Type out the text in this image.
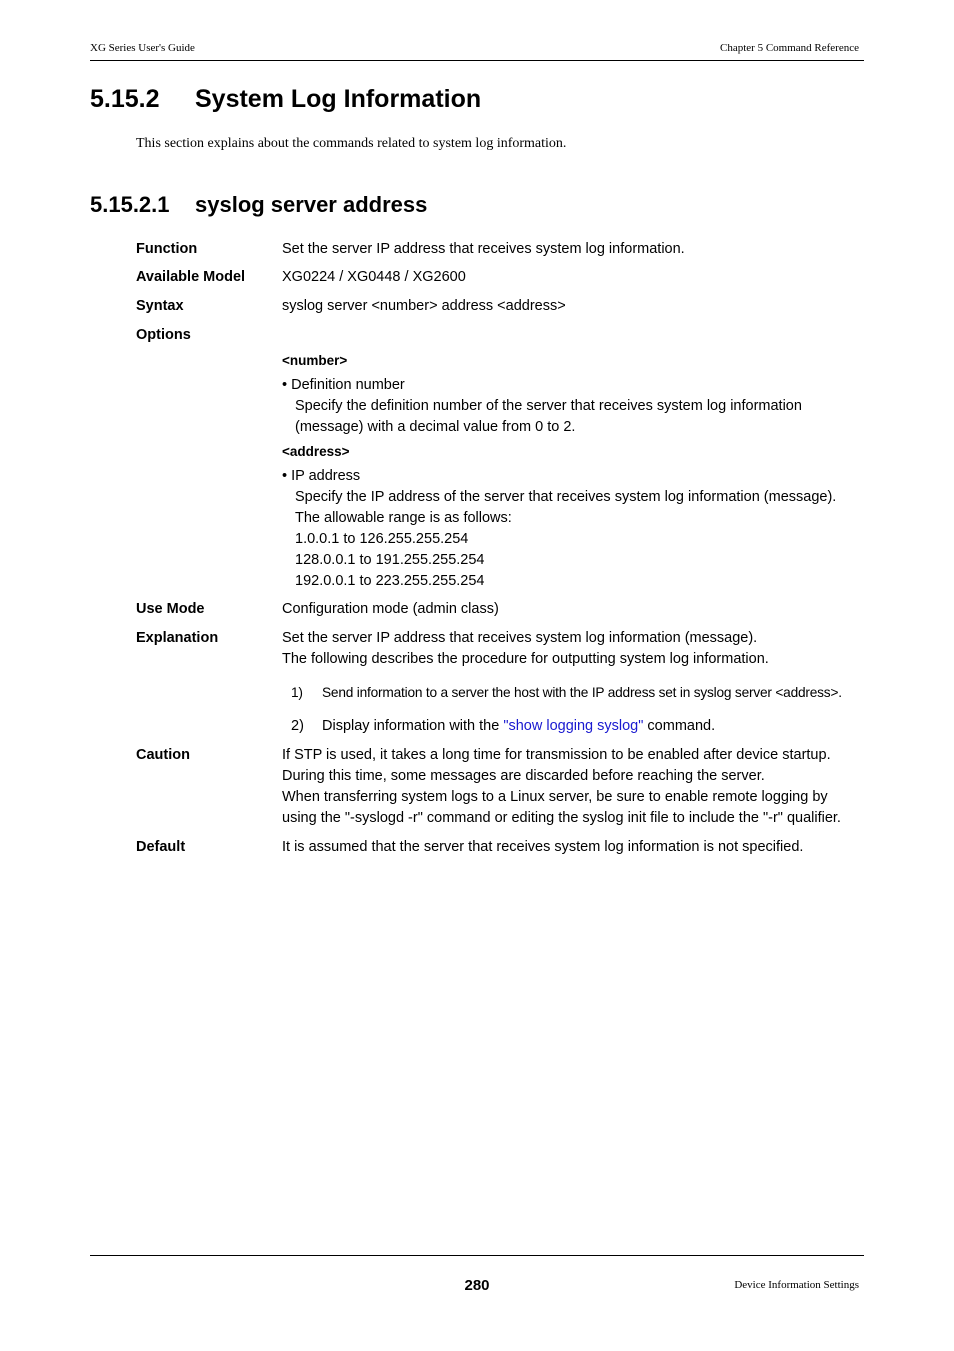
XG Series User's Guide	Chapter 5 Command Reference
5.15.2 System Log Information
This section explains about the commands related to system log information.
5.15.2.1 syslog server address
Function	Set the server IP address that receives system log information.
Available Model	XG0224 / XG0448 / XG2600
Syntax	syslog server <number> address <address>
Options
<number>
• Definition number
Specify the definition number of the server that receives system log information
(message) with a decimal value from 0 to 2.
<address>
• IP address
Specify the IP address of the server that receives system log information (message).
The allowable range is as follows:
1.0.0.1 to 126.255.255.254
128.0.0.1 to 191.255.255.254
192.0.0.1 to 223.255.255.254
Use Mode	Configuration mode (admin class)
Explanation	Set the server IP address that receives system log information (message).
The following describes the procedure for outputting system log information.
1) Send information to a server the host with the IP address set in syslog server <address>.
2) Display information with the "show logging syslog" command.
Caution	If STP is used, it takes a long time for transmission to be enabled after device startup.
During this time, some messages are discarded before reaching the server.
When transferring system logs to a Linux server, be sure to enable remote logging by
using the "-syslogd -r" command or editing the syslog init file to include the "-r" qualifier.
Default	It is assumed that the server that receives system log information is not specified.
280	Device Information Settings
